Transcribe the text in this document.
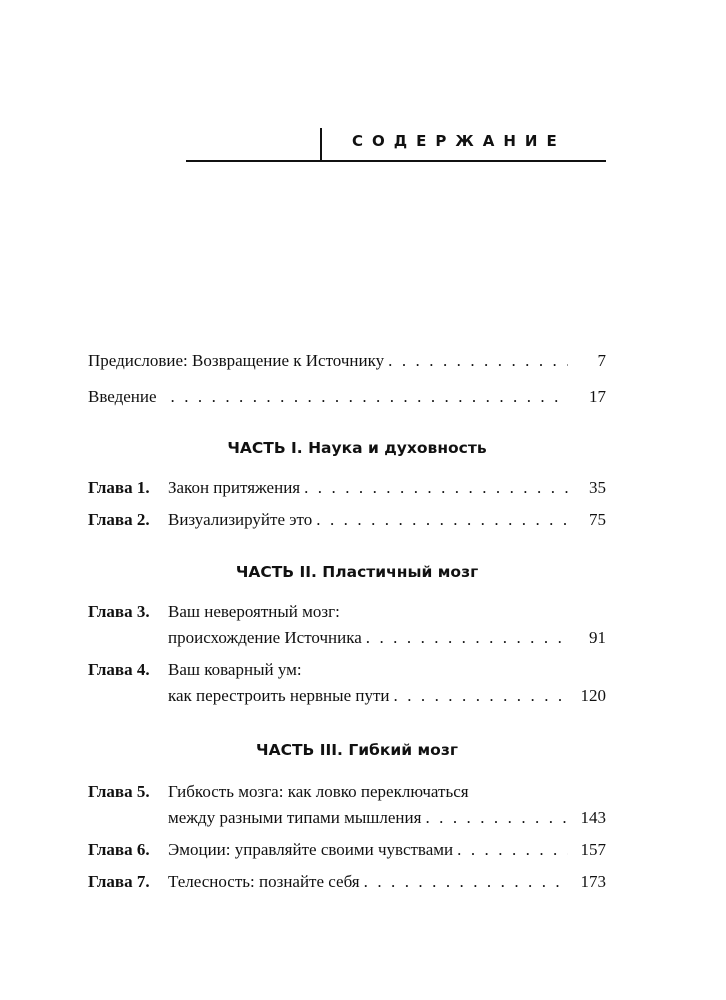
СОДЕРЖАНИЕ
Предисловие: Возвращение к Источнику . . .	7
Введение . . .	17
ЧАСТЬ I. Наука и духовность
Глава 1.	Закон притяжения . . .	35
Глава 2.	Визуализируйте это . . .	75
ЧАСТЬ II. Пластичный мозг
Глава 3.	Ваш невероятный мозг:
происхождение Источника . . .	91
Глава 4.	Ваш коварный ум:
как перестроить нервные пути . . .	120
ЧАСТЬ III. Гибкий мозг
Глава 5.	Гибкость мозга: как ловко переключаться
между разными типами мышления . . .	143
Глава 6.	Эмоции: управляйте своими чувствами . . .	157
Глава 7.	Телесность: познайте себя . . .	173
